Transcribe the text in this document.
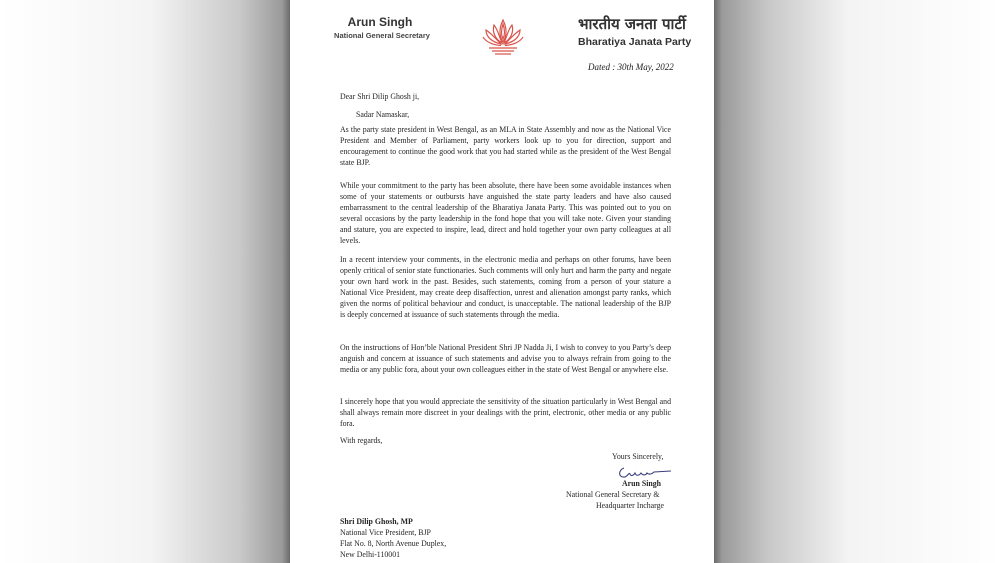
Arun Singh
National General Secretary
भारतीय जनता पार्टी
Bharatiya Janata Party
Dated : 30th May, 2022
Dear Shri Dilip Ghosh ji,
Sadar Namaskar,
As the party state president in West Bengal, as an MLA in State Assembly and now as the National Vice President and Member of Parliament, party workers look up to you for direction, support and encouragement to continue the good work that you had started while as the president of the West Bengal state BJP.
While your commitment to the party has been absolute, there have been some avoidable instances when some of your statements or outbursts have anguished the state party leaders and have also caused embarrassment to the central leadership of the Bharatiya Janata Party. This was pointed out to you on several occasions by the party leadership in the fond hope that you will take note. Given your standing and stature, you are expected to inspire, lead, direct and hold together your own party colleagues at all levels.
In a recent interview your comments, in the electronic media and perhaps on other forums, have been openly critical of senior state functionaries. Such comments will only hurt and harm the party and negate your own hard work in the past. Besides, such statements, coming from a person of your stature a National Vice President, may create deep disaffection, unrest and alienation amongst party ranks, which given the norms of political behaviour and conduct, is unacceptable. The national leadership of the BJP is deeply concerned at issuance of such statements through the media.
On the instructions of Hon’ble National President Shri JP Nadda Ji, I wish to convey to you Party’s deep anguish and concern at issuance of such statements and advise you to always refrain from going to the media or any public fora, about your own colleagues either in the state of West Bengal or anywhere else.
I sincerely hope that you would appreciate the sensitivity of the situation particularly in West Bengal and shall always remain more discreet in your dealings with the print, electronic, other media or any public fora.
With regards,
Yours Sincerely,
Arun Singh
National General Secretary &
Headquarter Incharge
Shri Dilip Ghosh, MP
National Vice President, BJP
Flat No. 8, North Avenue Duplex,
New Delhi-110001
